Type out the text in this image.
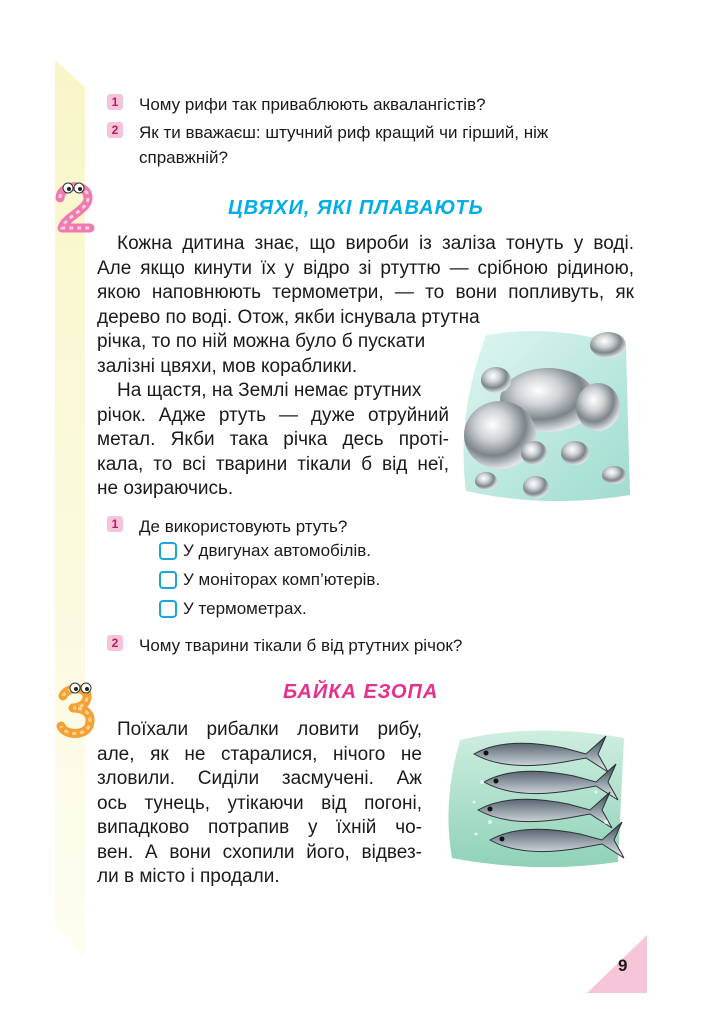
1 Чому рифи так приваблюють аквалангістів?
2 Як ти вважаєш: штучний риф кращий чи гірший, ніж
справжній?
ЦВЯХИ, ЯКІ ПЛАВАЮТЬ
Кожна дитина знає, що вироби із заліза тонуть у воді.
Але якщо кинути їх у відро зі ртуттю — срібною рідиною,
якою наповнюють термометри, — то вони попливуть, як
дерево по воді. Отож, якби існувала ртутна
річка, то по ній можна було б пускати
залізні цвяхи, мов кораблики.
На щастя, на Землі немає ртутних
річок. Адже ртуть — дуже отруйний
метал. Якби така річка десь проті-
кала, то всі тварини тікали б від неї,
не озираючись.
1 Де використовують ртуть?
У двигунах автомобілів.
У моніторах комп’ютерів.
У термометрах.
2 Чому тварини тікали б від ртутних річок?
БАЙКА ЕЗОПА
Поїхали рибалки ловити рибу,
але, як не старалися, нічого не
зловили. Сиділи засмучені. Аж
ось тунець, утікаючи від погоні,
випадково потрапив у їхній чо-
вен. А вони схопили його, відвез-
ли в місто і продали.
9
